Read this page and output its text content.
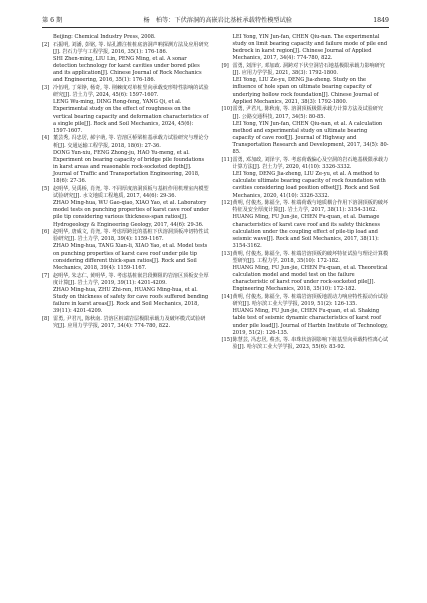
第 6 期	杨　柏等：下伏溶洞的高嵌岩比基桩承载特性模型试验	1849
Beijing: Chemical Industry Press, 2008.
[2] 石振明, 刘潘, 彭铭, 等. 钻孔灌注桩桩底溶洞声呐探测方法及应用研究[J]. 岩石力学与工程学报, 2016, 35(1): 176-186.
SHI Zhen-ming, LIU Lin, PENG Ming, et al. A sonar detection technology for karst cavities under bored piles and its application[J]. Chinese Journal of Rock Mechanics and Engineering, 2016, 35(1): 176-186.
[3] 冷伍明, 丁荣铮, 杨奇, 等. 荆棘度对单桩竖向承载变形特性影响的试验研究[J]. 岩土力学, 2024, 45(6): 1597-1607.
LENG Wu-ming, DING Rong-feng, YANG Qi, et al. Experimental study on the effect of roughness on the vertical bearing capacity and deformation characteristics of a single pile[J]. Rock and Soil Mechanics, 2024, 45(6): 1597-1607.
[4] 董芸秀, 冯忠居, 郝宇萌, 等. 岩溶区桥梁桩基承载力试验研究与理论分析[J]. 交通运输工程学报, 2018, 18(6): 27-36.
DONG Yun-xiu, FENG Zhong-ju, HAO Yu-meng, et al. Experiment on bearing capacity of bridge pile foundations in karst areas and reasonable rock-socketed depth[J]. Journal of Traffic and Transportation Engineering, 2018, 18(6): 27-36.
[5] 赵明华, 吴禹桥, 肖尧, 等. 不同厚度溶洞顶板与基桩作用机理室内模型试验研究[J]. 水文地质工程地质, 2017, 44(6): 29-36.
ZHAO Ming-hua, WU Gao-qiao, XIAO Yao, et al. Laboratory model tests on punching properties of karst cave roof under pile tip considering various thickness-span ratios[J]. Hydrogeology & Engineering Geology, 2017, 44(6): 29-36.
[6] 赵明华, 唐威文, 肖尧, 等. 考虑厚跨比的基桩下伏溶洞顶板冲切特性试验研究[J]. 岩土力学, 2018, 39(4): 1159-1167.
ZHAO Ming-hua, TANG Xian-li, XIAO Yao, et al. Model tests on punching properties of karst cave roof under pile tip considering different thick-span ratios[J]. Rock and Soil Mechanics, 2018, 39(4): 1159-1167.
[7] 赵明华, 朱志仁, 黄明华, 等. 考虑基桩嵌岩段侧阻的岩溶区顶板安全厚度计算[J]. 岩土力学, 2019, 39(11): 4201-4209.
ZHAO Ming-hua, ZHU Zhi-ren, HUANG Ming-hua, et al. Study on thickness of safety for cave roofs suffered bending failure in karst areas[J]. Rock and Soil Mechanics, 2018, 39(11): 4201-4209.
[8] 雷勇, 尹君凡, 陈秋南. 岩溶区桩端岩层极限承载力及破坏模式试验研究[J]. 应用力学学报, 2017, 34(4): 774-780, 822.
LEI Yong, YIN Jun-fan, CHEN Qiu-nan. The experimental study on limit bearing capacity and failure mode of pile end bedrock in karst region[J]. Chinese Journal of Applied Mechanics, 2017, 34(4): 774-780, 822.
[9] 雷勇, 刘泽宇, 邓加政. 洞跨对下伏空洞岩石地基极限承载力影响研究[J]. 应用力学学报, 2021, 38(3): 1792-1800.
LEI Yong, LIU Ze-yu, DENG Jia-zheng. Study on the influence of hole span on ultimate bearing capacity of underlying hollow rock foundation[J]. Chinese Journal of Applied Mechanics, 2021, 38(3): 1792-1800.
[10] 雷勇, 尹君凡, 陈秋南, 等. 溶洞顶板极限承载力计算方法及试验研究[J]. 公路交通科技, 2017, 34(5): 80-85.
LEI Yong, YIN Jun-fan, CHEN Qiu-nan, et al. A calculation method and experimental study on ultimate bearing capacity of cave roof[J]. Journal of Highway and Transportation Research and Development, 2017, 34(5): 80-85.
[11] 雷勇, 邓加政, 刘泽宇, 等. 考虑荷载偏心及空洞的岩石地基极限承载力计算方法[J]. 岩土力学, 2020, 41(10): 3326-3332.
LEI Yong, DENG Jia-zheng, LIU Ze-yu, et al. A method to calculate ultimate bearing capacity of rock foundation with cavities considering load position offset[J]. Rock and Soil Mechanics, 2020, 41(10): 3326-3332.
[12] 黄明, 付俊杰, 陈福全, 等. 桩端荷载与地质耦合作用下溶洞顶板的破坏特征及安全厚度计算[J]. 岩土力学, 2017, 38(11): 3154-3162.
HUANG Ming, FU Jun-jie, CHEN Fu-quan, et al. Damage characteristics of karst cave roof and its safety thickness calculation under the coupling effect of pile-tip load and seismic wave[J]. Rock and Soil Mechanics, 2017, 38(11): 3154-3162.
[13] 黄明, 付俊杰, 陈福全, 等. 桩端岩溶顶板的破坏特征试验与理论计算模型研究[J]. 工程力学, 2018, 35(10): 172-182.
HUANG Ming, FU Jun-jie, CHEN Fu-quan, et al. Theoretical calculation model and model test on the failure characteristic of karst roof under rock-socketed pile[J]. Engineering Mechanics, 2018, 35(10): 172-182.
[14] 黄明, 付俊杰, 陈福全, 等. 桩端岩溶顶板地震动力响应特性振动台试验研究[J]. 哈尔滨工业大学学报, 2019, 51(2): 126-135.
HUANG Ming, FU Jun-jie, CHEN Fu-quan, et al. Shaking table test of seismic dynamic characteristics of karst roof under pile load[J]. Journal of Harbin Institute of Technology, 2019, 51(2): 126-135.
[15] 陈慧芸, 冯忠居, 蔡杰, 等. 串珠状溶洞影响下桩基竖向承载特性离心试验[J]. 哈尔滨工业大学学报, 2023, 55(6): 83-92.
